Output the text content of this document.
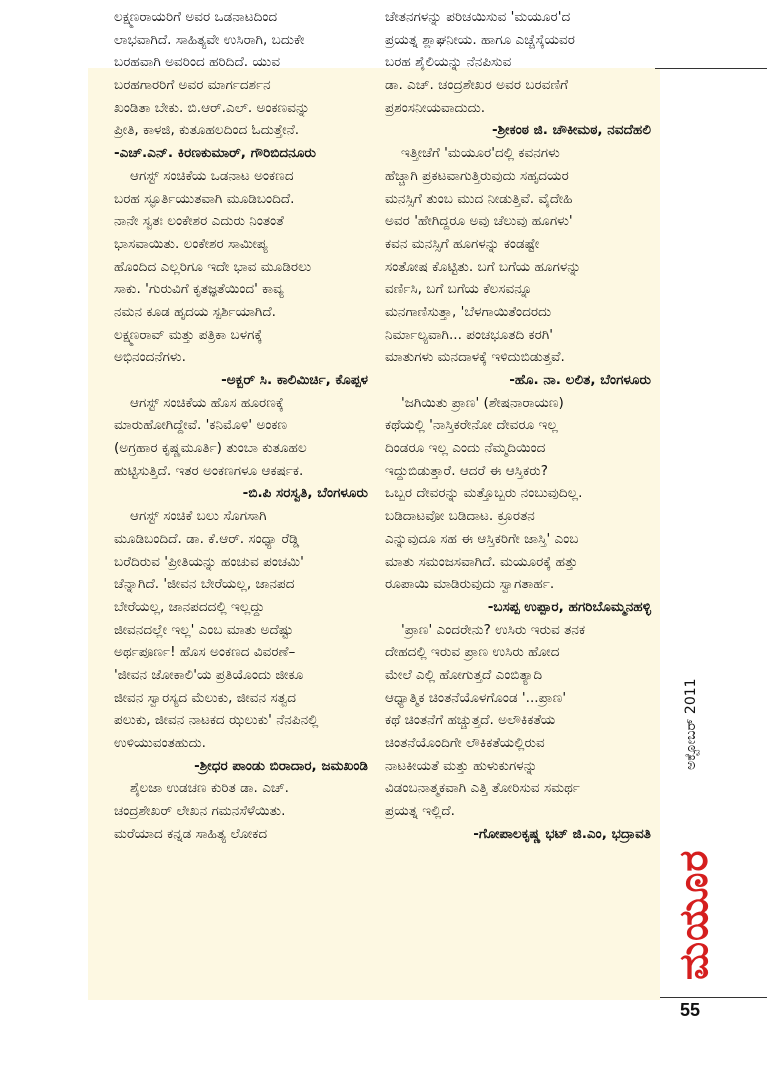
ಲಕ್ಷ್ಮಣರಾಯರಿಗೆ ಅವರ ಒಡನಾಟದಿಂದ
ಲಾಭವಾಗಿದೆ. ಸಾಹಿತ್ಯವೇ ಉಸಿರಾಗಿ, ಬದುಕೇ
ಬರಹವಾಗಿ ಅವರಿಂದ ಹರಿದಿದೆ. ಯುವ
ಬರಹಗಾರರಿಗೆ ಅವರ ಮಾರ್ಗದರ್ಶನ
ಖಂಡಿತಾ ಬೇಕು. ಬಿ.ಆರ್.ಎಲ್. ಅಂಕಣವನ್ನು
ಪ್ರೀತಿ, ಕಾಳಜಿ, ಕುತೂಹಲದಿಂದ ಓದುತ್ತೇನೆ.
-ಎಚ್.ಎನ್. ಕಿರಣಕುಮಾರ್, ಗೌರಿಬಿದನೂರು
ಆಗಸ್ಟ್ ಸಂಚಿಕೆಯ ಒಡನಾಟ ಅಂಕಣದ
ಬರಹ ಸ್ಫೂರ್ತಿಯುತವಾಗಿ ಮೂಡಿಬಂದಿದೆ.
ನಾನೇ ಸ್ವತಃ ಲಂಕೇಶರ ಎದುರು ನಿಂತಂತೆ
ಭಾಸವಾಯಿತು. ಲಂಕೇಶರ ಸಾಮೀಪ್ಯ
ಹೊಂದಿದ ಎಲ್ಲರಿಗೂ ಇದೇ ಭಾವ ಮೂಡಿರಲು
ಸಾಕು. 'ಗುರುವಿಗೆ ಕೃತಜ್ಞತೆಯಿಂದ' ಕಾವ್ಯ
ನಮನ ಕೂಡ ಹೃದಯ ಸ್ಪರ್ಶಿಯಾಗಿದೆ.
ಲಕ್ಷ್ಮಣರಾವ್ ಮತ್ತು ಪತ್ರಿಕಾ ಬಳಗಕ್ಕೆ
ಅಭಿನಂದನೆಗಳು.
-ಅಕ್ಬರ್ ಸಿ. ಕಾಲಿಮಿರ್ಚಿ, ಕೊಪ್ಪಳ
ಆಗಸ್ಟ್ ಸಂಚಿಕೆಯ ಹೊಸ ಹೂರಣಕ್ಕೆ
ಮಾರುಹೋಗಿದ್ದೇವೆ. 'ಕನಿಮೊಳಿ' ಅಂಕಣ
(ಅಗ್ರಹಾರ ಕೃಷ್ಣಮೂರ್ತಿ) ತುಂಬಾ ಕುತೂಹಲ
ಹುಟ್ಟಿಸುತ್ತಿದೆ. ಇತರ ಅಂಕಣಗಳೂ ಆಕರ್ಷಕ.
-ಬಿ.ಪಿ ಸರಸ್ವತಿ, ಬೆಂಗಳೂರು
ಆಗಸ್ಟ್ ಸಂಚಿಕೆ ಬಲು ಸೊಗಸಾಗಿ
ಮೂಡಿಬಂದಿದೆ. ಡಾ. ಕೆ.ಆರ್. ಸಂಧ್ಯಾ ರೆಡ್ಡಿ
ಬರೆದಿರುವ 'ಪ್ರೀತಿಯನ್ನು ಹಂಚುವ ಪಂಚಮಿ'
ಚೆನ್ನಾಗಿದೆ. 'ಜೀವನ ಬೇರೆಯಲ್ಲ, ಜಾನಪದ
ಬೇರೆಯಲ್ಲ, ಜಾನಪದದಲ್ಲಿ ಇಲ್ಲದ್ದು
ಜೀವನದಲ್ಲೇ ಇಲ್ಲ' ಎಂಬ ಮಾತು ಅದೆಷ್ಟು
ಅರ್ಥಪೂರ್ಣ! ಹೊಸ ಅಂಕಣದ ವಿವರಣೆ–
'ಜೀವನ ಜೋಕಾಲಿ'ಯ ಪ್ರತಿಯೊಂದು ಜೀಕೂ
ಜೀವನ ಸ್ವಾರಸ್ಯದ ಮೆಲುಕು, ಜೀವನ ಸತ್ವದ
ಪಲುಕು, ಜೀವನ ನಾಟಕದ ಝಲುಕು' ನೆನಪಿನಲ್ಲಿ
ಉಳಿಯುವಂತಹುದು.
-ಶ್ರೀಧರ ಪಾಂಡು ಬಿರಾದಾರ, ಜಮಖಂಡಿ
ಶೈಲಜಾ ಉಡಚಣ ಕುರಿತ ಡಾ. ಎಚ್.
ಚಂದ್ರಶೇಖರ್ ಲೇಖನ ಗಮನಸೆಳೆಯಿತು.
ಮರೆಯಾದ ಕನ್ನಡ ಸಾಹಿತ್ಯ ಲೋಕದ
ಚೇತನಗಳನ್ನು ಪರಿಚಯಿಸುವ 'ಮಯೂರ'ದ
ಪ್ರಯತ್ನ ಶ್ಲಾಘನೀಯ. ಹಾಗೂ ಎಚ್ಚೆಸ್ಕೆಯವರ
ಬರಹ ಶೈಲಿಯನ್ನು ನೆನಪಿಸುವ
ಡಾ. ಎಚ್. ಚಂದ್ರಶೇಖರ ಅವರ ಬರವಣಿಗೆ
ಪ್ರಶಂಸನೀಯವಾದುದು.
-ಶ್ರೀಕಂಠ ಜಿ. ಚೌಕೀಮಠ, ನವದೆಹಲಿ
ಇತ್ತೀಚೆಗೆ 'ಮಯೂರ'ದಲ್ಲಿ ಕವನಗಳು
ಹೆಚ್ಚಾಗಿ ಪ್ರಕಟವಾಗುತ್ತಿರುವುದು ಸಹೃದಯರ
ಮನಸ್ಸಿಗೆ ತುಂಬ ಮುದ ನೀಡುತ್ತಿವೆ. ವೈದೇಹಿ
ಅವರ 'ಹೇಗಿದ್ದರೂ ಅವು ಚೆಲುವು ಹೂಗಳು'
ಕವನ ಮನಸ್ಸಿಗೆ ಹೂಗಳನ್ನು ಕಂಡಷ್ಟೇ
ಸಂತೋಷ ಕೊಟ್ಟಿತು. ಬಗೆ ಬಗೆಯ ಹೂಗಳನ್ನು
ವರ್ಣಿಸಿ, ಬಗೆ ಬಗೆಯ ಕೆಲಸವನ್ನೂ
ಮನಗಾಣಿಸುತ್ತಾ, 'ಬೆಳಗಾಯಿತೆಂದರದು
ನಿರ್ಮಾಲ್ಯವಾಗಿ... ಪಂಚಭೂತದಿ ಕರಗಿ'
ಮಾತುಗಳು ಮನದಾಳಕ್ಕೆ ಇಳಿದುಬಿಡುತ್ತವೆ.
-ಹೊ. ನಾ. ಲಲಿತ, ಬೆಂಗಳೂರು
'ಜಗಿಯಿತು ಪ್ರಾಣ' (ಶೇಷನಾರಾಯಣ)
ಕಥೆಯಲ್ಲಿ 'ನಾಸ್ತಿಕರೇನೋ ದೇವರೂ ಇಲ್ಲ
ದಿಂಡರೂ ಇಲ್ಲ ಎಂದು ನೆಮ್ಮದಿಯಿಂದ
ಇದ್ದುಬಿಡುತ್ತಾರೆ. ಆದರೆ ಈ ಆಸ್ತಿಕರು?
ಒಬ್ಬರ ದೇವರನ್ನು ಮತ್ತೊಬ್ಬರು ನಂಬುವುದಿಲ್ಲ.
ಬಡಿದಾಟವೋ ಬಡಿದಾಟ. ಕ್ರೂರತನ
ಎನ್ನುವುದೂ ಸಹ ಈ ಆಸ್ತಿಕರಿಗೇ ಜಾಸ್ತಿ' ಎಂಬ
ಮಾತು ಸಮಂಜಸವಾಗಿದೆ. ಮಯೂರಕ್ಕೆ ಹತ್ತು
ರೂಪಾಯಿ ಮಾಡಿರುವುದು ಸ್ವಾಗತಾರ್ಹ.
-ಬಸಪ್ಪ ಉಪ್ಪಾರ, ಹಗರಿಬೊಮ್ಮನಹಳ್ಳಿ
'ಪ್ರಾಣ' ಎಂದರೇನು? ಉಸಿರು ಇರುವ ತನಕ
ದೇಹದಲ್ಲಿ ಇರುವ ಪ್ರಾಣ ಉಸಿರು ಹೋದ
ಮೇಲೆ ಎಲ್ಲಿ ಹೋಗುತ್ತದೆ ಎಂಬಿತ್ಯಾದಿ
ಆಧ್ಯಾತ್ಮಿಕ ಚಿಂತನೆಯೊಳಗೊಂಡ '...ಪ್ರಾಣ'
ಕಥೆ ಚಿಂತನೆಗೆ ಹಚ್ಚುತ್ತದೆ. ಅಲೌಕಿಕತೆಯ
ಚಿಂತನೆಯೊಂದಿಗೇ ಲೌಕಿಕತೆಯಲ್ಲಿರುವ
ನಾಟಕೀಯತೆ ಮತ್ತು ಹುಳುಕುಗಳನ್ನು
ವಿಡಂಬನಾತ್ಮಕವಾಗಿ ಎತ್ತಿ ತೋರಿಸುವ ಸಮರ್ಥ
ಪ್ರಯತ್ನ ಇಲ್ಲಿದೆ.
-ಗೋಪಾಲಕೃಷ್ಣ ಭಟ್ ಜಿ.ಎಂ, ಭದ್ರಾವತಿ
ಅಕ್ಟೋಬರ್ 2011
ಮಯೂರ
55
